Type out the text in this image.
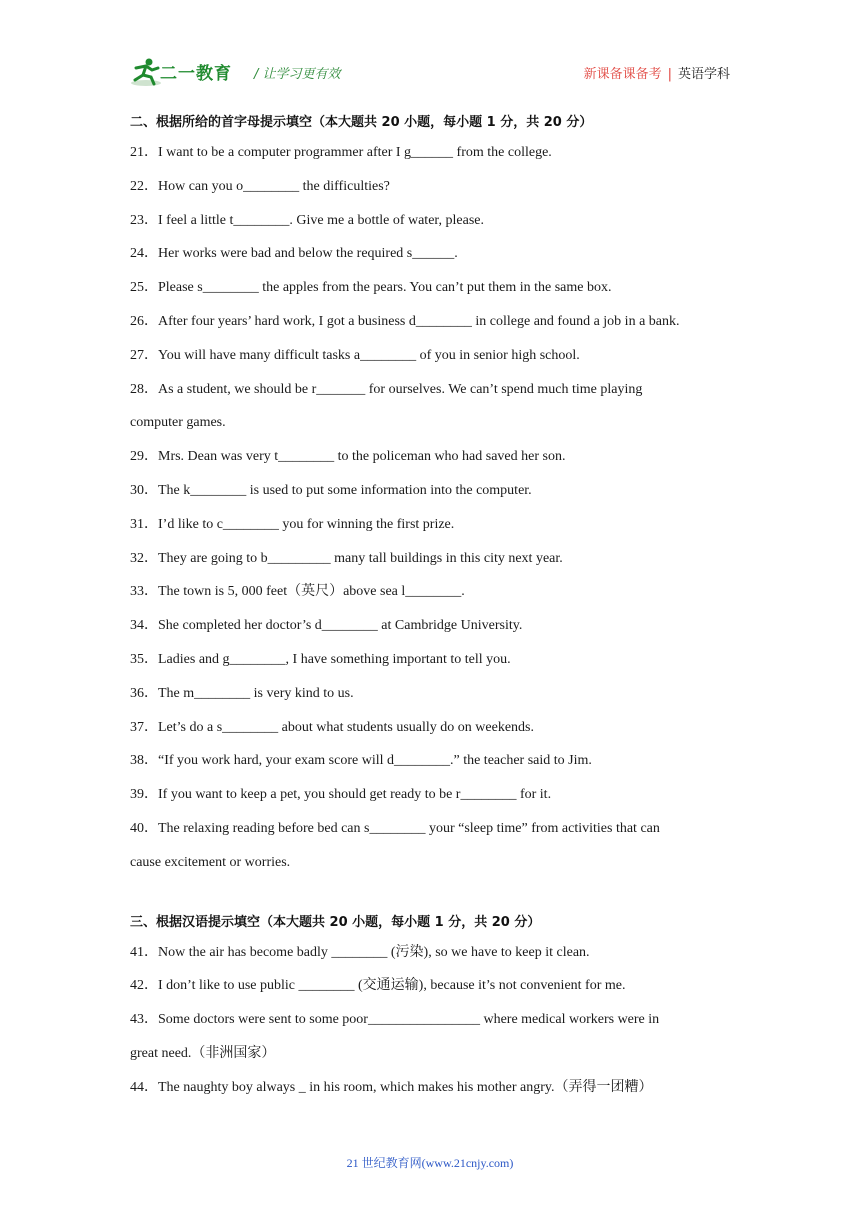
二一教育 / 让学习更有效	新课备课备考 | 英语学科
二、根据所给的首字母提示填空（本大题共 20 小题，每小题 1 分，共 20 分）
21．I want to be a computer programmer after I g______ from the college.
22．How can you o________ the difficulties?
23．I feel a little t________. Give me a bottle of water, please.
24．Her works were bad and below the required s______.
25．Please s________ the apples from the pears. You can’t put them in the same box.
26．After four years’ hard work, I got a business d________ in college and found a job in a bank.
27．You will have many difficult tasks a________ of you in senior high school.
28．As a student, we should be r_______ for ourselves. We can’t spend much time playing
computer games.
29．Mrs. Dean was very t________ to the policeman who had saved her son.
30．The k________ is used to put some information into the computer.
31．I’d like to c________ you for winning the first prize.
32．They are going to b_________ many tall buildings in this city next year.
33．The town is 5, 000 feet（英尺）above sea l________.
34．She completed her doctor’s d________ at Cambridge University.
35．Ladies and g________, I have something important to tell you.
36．The m________ is very kind to us.
37．Let’s do a s________ about what students usually do on weekends.
38．“If you work hard, your exam score will d________.” the teacher said to Jim.
39．If you want to keep a pet, you should get ready to be r________ for it.
40．The relaxing reading before bed can s________ your “sleep time” from activities that can
cause excitement or worries.
三、根据汉语提示填空（本大题共 20 小题，每小题 1 分，共 20 分）
41．Now the air has become badly ________ (污染), so we have to keep it clean.
42．I don’t like to use public ________ (交通运输), because it’s not convenient for me.
43．Some doctors were sent to some poor________________ where medical workers were in
great need.（非洲国家）
44．The naughty boy always _ in his room, which makes his mother angry.（弄得一团糟）
21 世纪教育网(www.21cnjy.com)
